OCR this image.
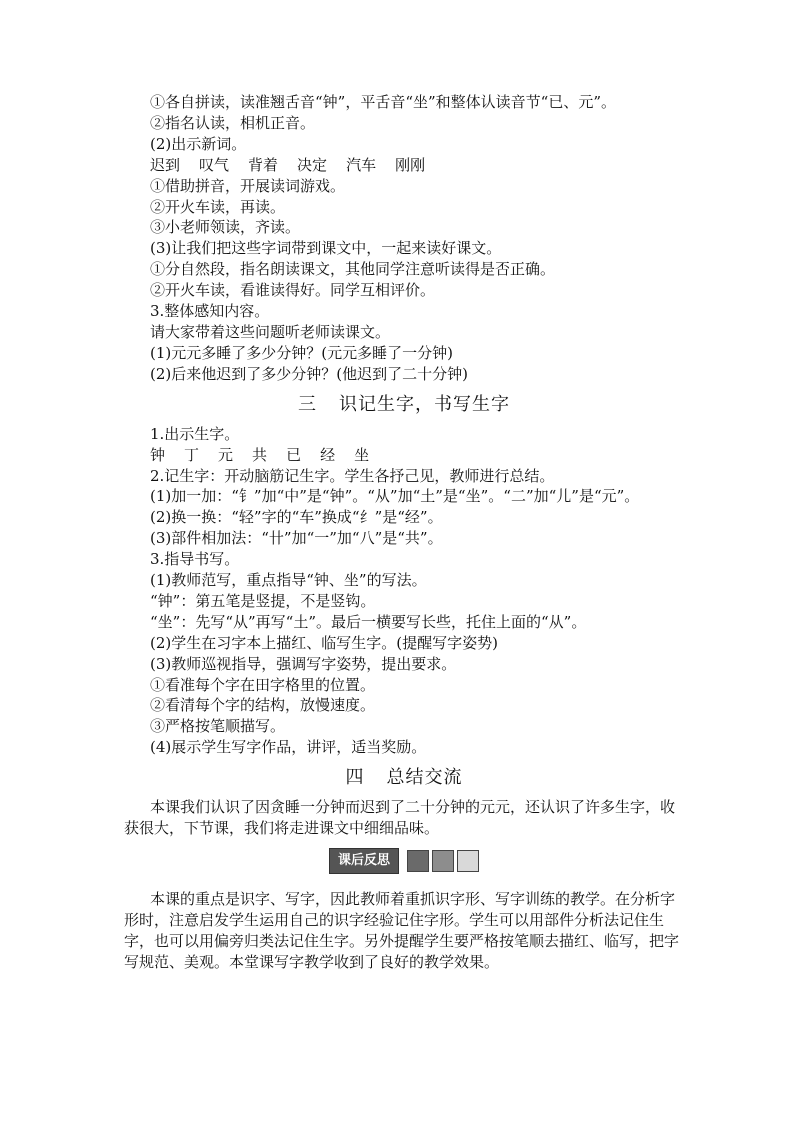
①各自拼读，读准翘舌音“钟”，平舌音“坐”和整体认读音节“已、元”。

②指名认读，相机正音。

(2)出示新词。

迟到 叹气 背着 决定 汽车 刚刚

①借助拼音，开展读词游戏。

②开火车读，再读。

③小老师领读，齐读。

(3)让我们把这些字词带到课文中，一起来读好课文。

①分自然段，指名朗读课文，其他同学注意听读得是否正确。

②开火车读，看谁读得好。同学互相评价。

3.整体感知内容。

请大家带着这些问题听老师读课文。

(1)元元多睡了多少分钟？(元元多睡了一分钟)

(2)后来他迟到了多少分钟？(他迟到了二十分钟)

三 识记生字，书写生字

1.出示生字。

钟 丁 元 共 已 经 坐

2.记生字：开动脑筋记生字。学生各抒己见，教师进行总结。

(1)加一加：“钅”加“中”是“钟”。“从”加“土”是“坐”。“二”加“儿”是“元”。

(2)换一换：“轻”字的“车”换成“纟”是“经”。

(3)部件相加法：“卄”加“一”加“八”是“共”。

3.指导书写。

(1)教师范写，重点指导“钟、坐”的写法。

“钟”：第五笔是竖提，不是竖钩。

“坐”：先写“从”再写“土”。最后一横要写长些，托住上面的“从”。

(2)学生在习字本上描红、临写生字。(提醒写字姿势)

(3)教师巡视指导，强调写字姿势，提出要求。

①看准每个字在田字格里的位置。

②看清每个字的结构，放慢速度。

③严格按笔顺描写。

(4)展示学生写字作品，讲评，适当奖励。

四 总结交流

本课我们认识了因贪睡一分钟而迟到了二十分钟的元元，还认识了许多生字，收获很大，下节课，我们将走进课文中细细品味。

课后反思

本课的重点是识字、写字，因此教师着重抓识字形、写字训练的教学。在分析字形时，注意启发学生运用自己的识字经验记住字形。学生可以用部件分析法记住生字，也可以用偏旁归类法记住生字。另外提醒学生要严格按笔顺去描红、临写，把字写规范、美观。本堂课写字教学收到了良好的教学效果。
